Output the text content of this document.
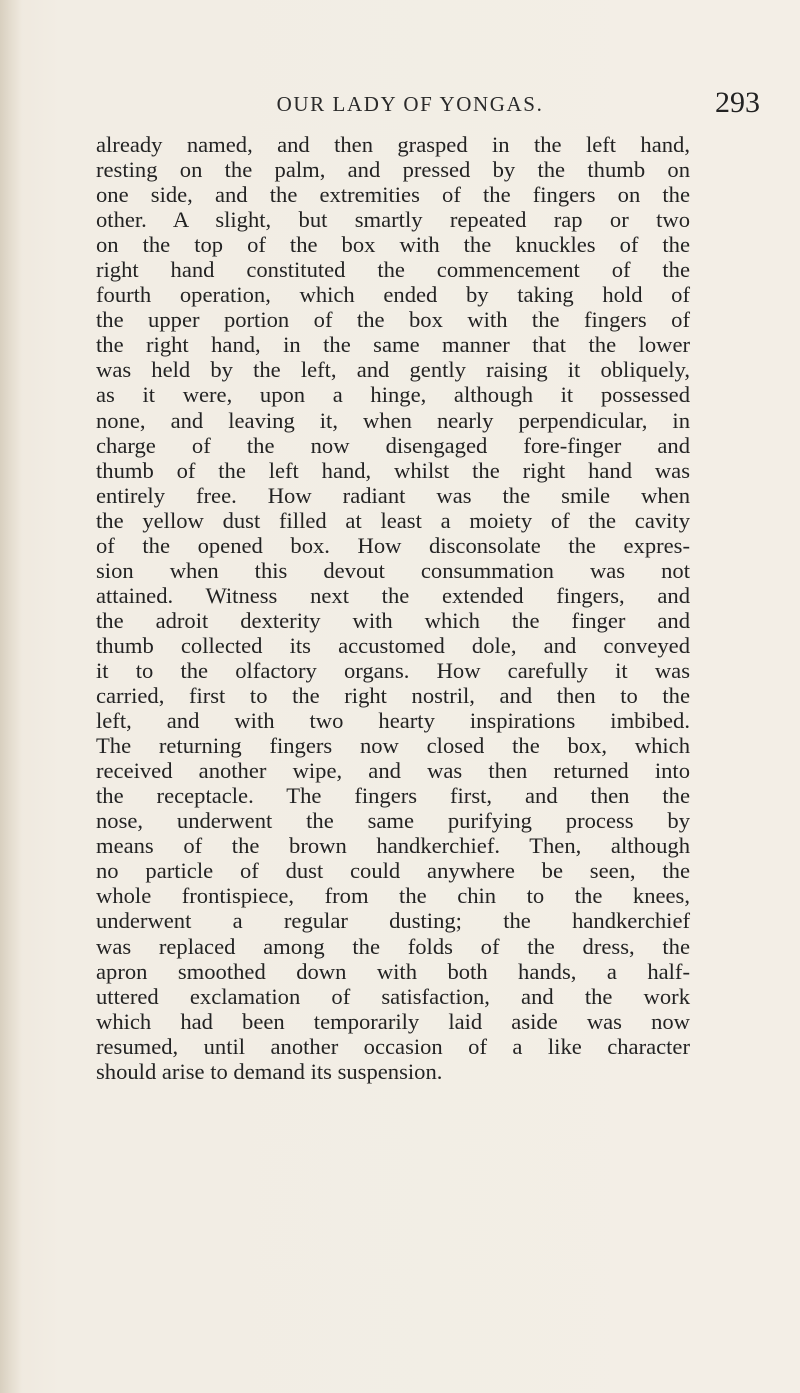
OUR LADY OF YONGAS.	293
already named, and then grasped in the left hand,
resting on the palm, and pressed by the thumb on
one side, and the extremities of the fingers on the
other. A slight, but smartly repeated rap or two
on the top of the box with the knuckles of the
right hand constituted the commencement of the
fourth operation, which ended by taking hold of
the upper portion of the box with the fingers of
the right hand, in the same manner that the lower
was held by the left, and gently raising it obliquely,
as it were, upon a hinge, although it possessed
none, and leaving it, when nearly perpendicular, in
charge of the now disengaged fore-finger and
thumb of the left hand, whilst the right hand was
entirely free. How radiant was the smile when
the yellow dust filled at least a moiety of the cavity
of the opened box. How disconsolate the expres-
sion when this devout consummation was not
attained. Witness next the extended fingers, and
the adroit dexterity with which the finger and
thumb collected its accustomed dole, and conveyed
it to the olfactory organs. How carefully it was
carried, first to the right nostril, and then to the
left, and with two hearty inspirations imbibed.
The returning fingers now closed the box, which
received another wipe, and was then returned into
the receptacle. The fingers first, and then the
nose, underwent the same purifying process by
means of the brown handkerchief. Then, although
no particle of dust could anywhere be seen, the
whole frontispiece, from the chin to the knees,
underwent a regular dusting; the handkerchief
was replaced among the folds of the dress, the
apron smoothed down with both hands, a half-
uttered exclamation of satisfaction, and the work
which had been temporarily laid aside was now
resumed, until another occasion of a like character
should arise to demand its suspension.
